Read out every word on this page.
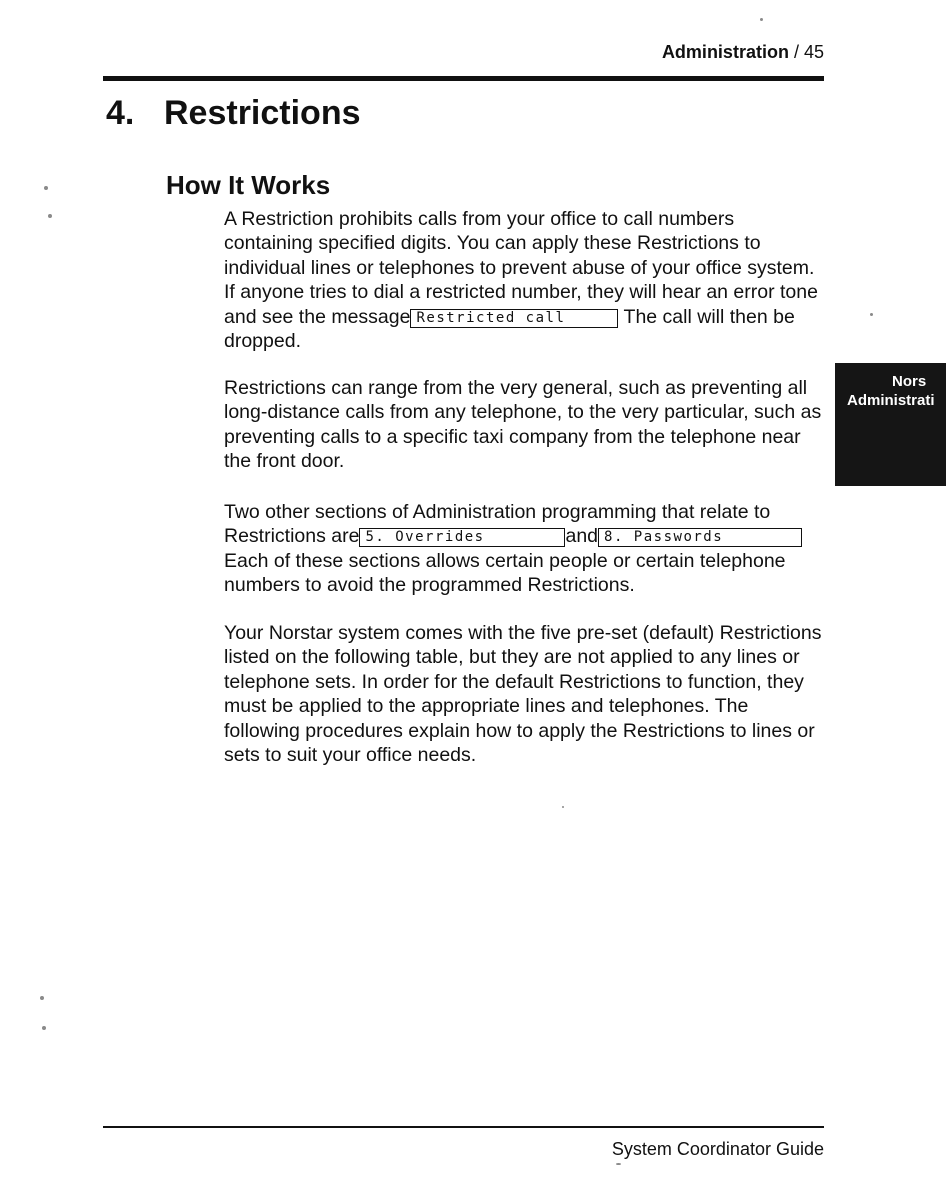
Administration / 45
4. Restrictions
How It Works

A Restriction prohibits calls from your office to call numbers containing specified digits. You can apply these Restrictions to individual lines or telephones to prevent abuse of your office system. If anyone tries to dial a restricted number, they will hear an error tone and see the message Restricted call	The call will then be dropped.

Restrictions can range from the very general, such as preventing all long-distance calls from any telephone, to the very particular, such as preventing calls to a specific taxi company from the telephone near the front door.

Two other sections of Administration programming that relate to Restrictions are 5. Overrides	and 8. Passwords
Each of these sections allows certain people or certain telephone numbers to avoid the programmed Restrictions.

Your Norstar system comes with the five pre-set (default) Restrictions listed on the following table, but they are not applied to any lines or telephone sets. In order for the default Restrictions to function, they must be applied to the appropriate lines and telephones. The following procedures explain how to apply the Restrictions to lines or sets to suit your office needs.

Nors
Administrati
System Coordinator Guide
